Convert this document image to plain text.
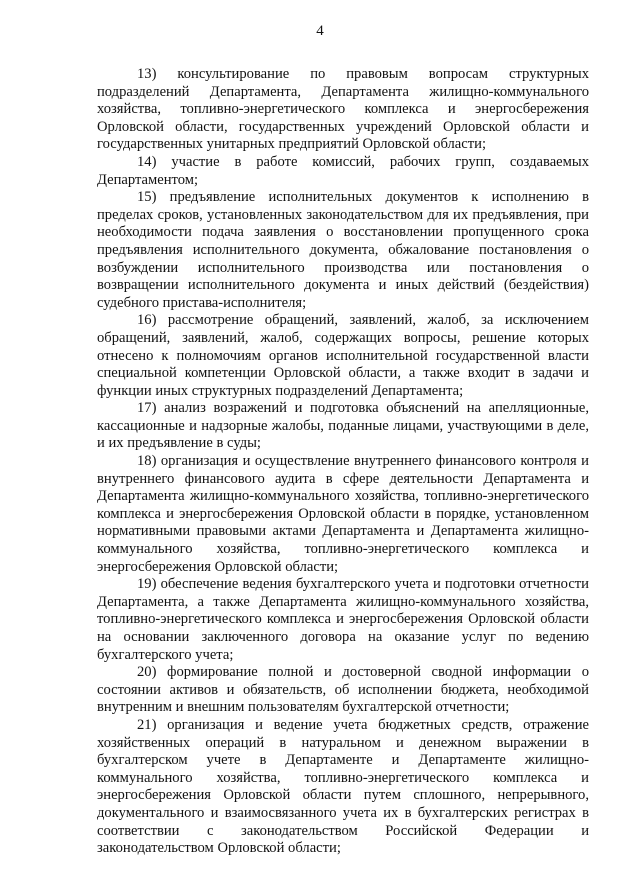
4

13) консультирование по правовым вопросам структурных подразделений Департамента, Департамента жилищно-коммунального хозяйства, топливно-энергетического комплекса и энергосбережения Орловской области, государственных учреждений Орловской области и государственных унитарных предприятий Орловской области;

14) участие в работе комиссий, рабочих групп, создаваемых Департаментом;

15) предъявление исполнительных документов к исполнению в пределах сроков, установленных законодательством для их предъявления, при необходимости подача заявления о восстановлении пропущенного срока предъявления исполнительного документа, обжалование постановления о возбуждении исполнительного производства или постановления о возвращении исполнительного документа и иных действий (бездействия) судебного пристава-исполнителя;

16) рассмотрение обращений, заявлений, жалоб, за исключением обращений, заявлений, жалоб, содержащих вопросы, решение которых отнесено к полномочиям органов исполнительной государственной власти специальной компетенции Орловской области, а также входит в задачи и функции иных структурных подразделений Департамента;

17) анализ возражений и подготовка объяснений на апелляционные, кассационные и надзорные жалобы, поданные лицами, участвующими в деле, и их предъявление в суды;

18) организация и осуществление внутреннего финансового контроля и внутреннего финансового аудита в сфере деятельности Департамента и Департамента жилищно-коммунального хозяйства, топливно-энергетического комплекса и энергосбережения Орловской области в порядке, установленном нормативными правовыми актами Департамента и Департамента жилищно-коммунального хозяйства, топливно-энергетического комплекса и энергосбережения Орловской области;

19) обеспечение ведения бухгалтерского учета и подготовки отчетности Департамента, а также Департамента жилищно-коммунального хозяйства, топливно-энергетического комплекса и энергосбережения Орловской области на основании заключенного договора на оказание услуг по ведению бухгалтерского учета;

20) формирование полной и достоверной сводной информации о состоянии активов и обязательств, об исполнении бюджета, необходимой внутренним и внешним пользователям бухгалтерской отчетности;

21) организация и ведение учета бюджетных средств, отражение хозяйственных операций в натуральном и денежном выражении в бухгалтерском учете в Департаменте и Департаменте жилищно-коммунального хозяйства, топливно-энергетического комплекса и энергосбережения Орловской области путем сплошного, непрерывного, документального и взаимосвязанного учета их в бухгалтерских регистрах в соответствии с законодательством Российской Федерации и законодательством Орловской области;
